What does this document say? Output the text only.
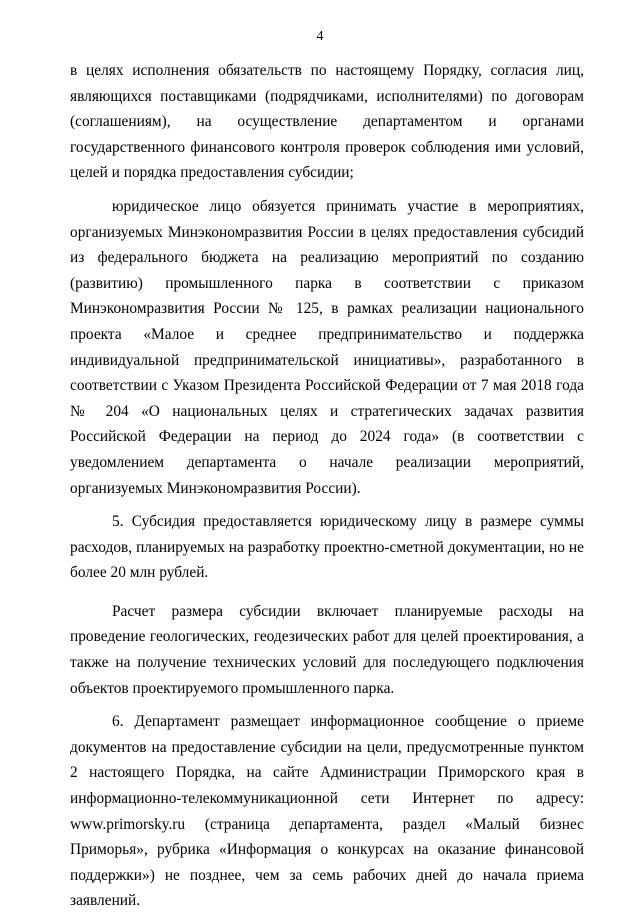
4

в целях исполнения обязательств по настоящему Порядку, согласия лиц, являющихся поставщиками (подрядчиками, исполнителями) по договорам (соглашениям), на осуществление департаментом и органами государственного финансового контроля проверок соблюдения ими условий, целей и порядка предоставления субсидии;

юридическое лицо обязуется принимать участие в мероприятиях, организуемых Минэкономразвития России в целях предоставления субсидий из федерального бюджета на реализацию мероприятий по созданию (развитию) промышленного парка в соответствии с приказом Минэкономразвития России № 125, в рамках реализации национального проекта «Малое и среднее предпринимательство и поддержка индивидуальной предпринимательской инициативы», разработанного в соответствии с Указом Президента Российской Федерации от 7 мая 2018 года № 204 «О национальных целях и стратегических задачах развития Российской Федерации на период до 2024 года» (в соответствии с уведомлением департамента о начале реализации мероприятий, организуемых Минэкономразвития России).

5. Субсидия предоставляется юридическому лицу в размере суммы расходов, планируемых на разработку проектно-сметной документации, но не более 20 млн рублей.

Расчет размера субсидии включает планируемые расходы на проведение геологических, геодезических работ для целей проектирования, а также на получение технических условий для последующего подключения объектов проектируемого промышленного парка.

6. Департамент размещает информационное сообщение о приеме документов на предоставление субсидии на цели, предусмотренные пунктом 2 настоящего Порядка, на сайте Администрации Приморского края в информационно-телекоммуникационной сети Интернет по адресу: www.primorsky.ru (страница департамента, раздел «Малый бизнес Приморья», рубрика «Информация о конкурсах на оказание финансовой поддержки») не позднее, чем за семь рабочих дней до начала приема заявлений.
